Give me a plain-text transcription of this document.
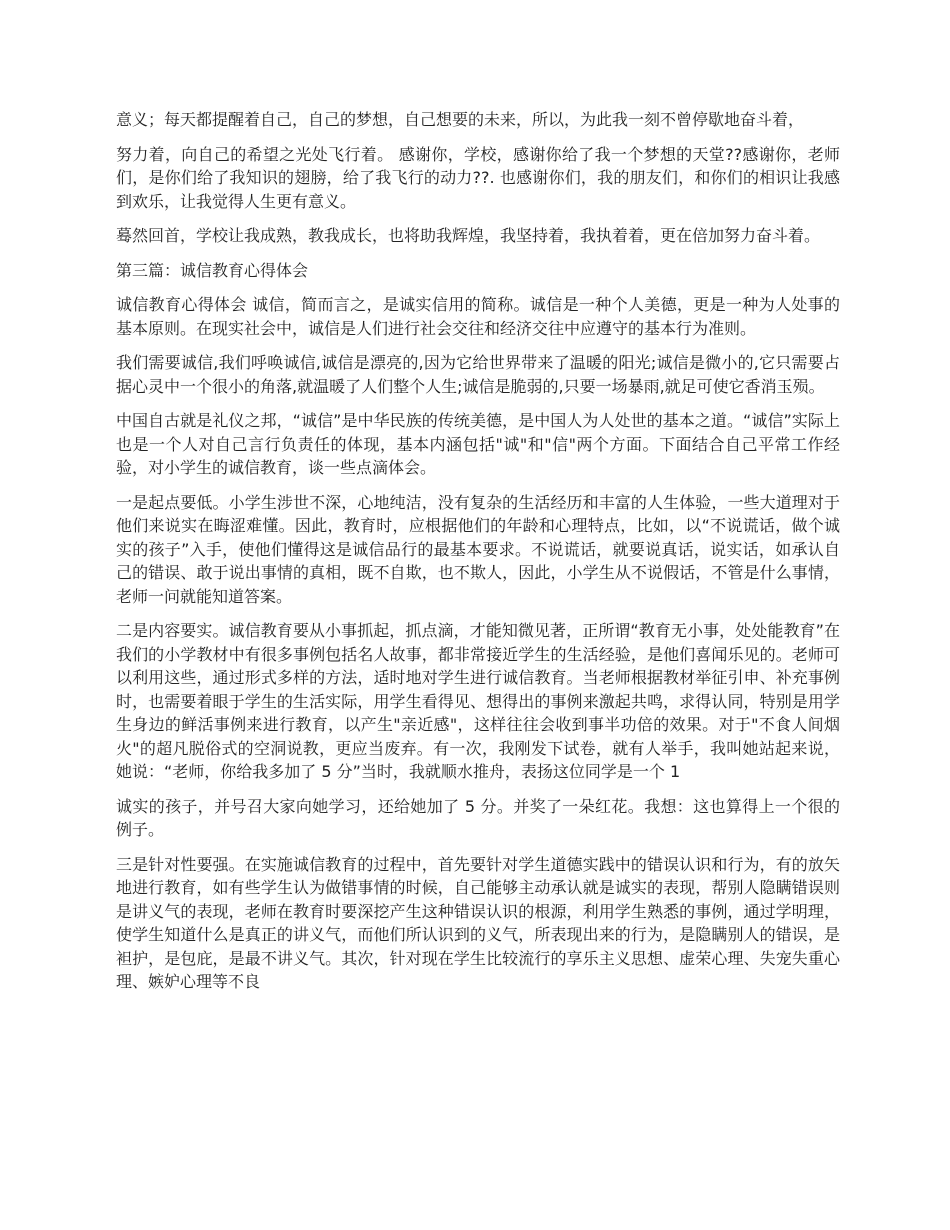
意义；每天都提醒着自己，自己的梦想，自己想要的未来，所以，为此我一刻不曾停歇地奋斗着，

努力着，向自己的希望之光处飞行着。 感谢你，学校，感谢你给了我一个梦想的天堂??感谢你，老师们，是你们给了我知识的翅膀，给了我飞行的动力??. 也感谢你们，我的朋友们，和你们的相识让我感到欢乐，让我觉得人生更有意义。

蓦然回首，学校让我成熟，教我成长，也将助我辉煌，我坚持着，我执着着，更在倍加努力奋斗着。

第三篇：诚信教育心得体会

诚信教育心得体会 诚信，简而言之，是诚实信用的简称。诚信是一种个人美德，更是一种为人处事的基本原则。在现实社会中，诚信是人们进行社会交往和经济交往中应遵守的基本行为准则。

我们需要诚信,我们呼唤诚信,诚信是漂亮的,因为它给世界带来了温暖的阳光;诚信是微小的,它只需要占据心灵中一个很小的角落,就温暖了人们整个人生;诚信是脆弱的,只要一场暴雨,就足可使它香消玉殒。

中国自古就是礼仪之邦，“诚信”是中华民族的传统美德，是中国人为人处世的基本之道。“诚信”实际上也是一个人对自己言行负责任的体现，基本内涵包括"诚"和"信"两个方面。下面结合自己平常工作经验，对小学生的诚信教育，谈一些点滴体会。

一是起点要低。小学生涉世不深，心地纯洁，没有复杂的生活经历和丰富的人生体验，一些大道理对于他们来说实在晦涩难懂。因此，教育时，应根据他们的年龄和心理特点，比如，以“不说谎话，做个诚实的孩子”入手，使他们懂得这是诚信品行的最基本要求。不说谎话，就要说真话，说实话，如承认自己的错误、敢于说出事情的真相，既不自欺，也不欺人，因此，小学生从不说假话，不管是什么事情，老师一问就能知道答案。

二是内容要实。诚信教育要从小事抓起，抓点滴，才能知微见著，正所谓“教育无小事，处处能教育”在我们的小学教材中有很多事例包括名人故事，都非常接近学生的生活经验，是他们喜闻乐见的。老师可以利用这些，通过形式多样的方法，适时地对学生进行诚信教育。当老师根据教材举征引申、补充事例时，也需要着眼于学生的生活实际，用学生看得见、想得出的事例来激起共鸣，求得认同，特别是用学生身边的鲜活事例来进行教育，以产生"亲近感"，这样往往会收到事半功倍的效果。对于"不食人间烟火"的超凡脱俗式的空洞说教，更应当废弃。有一次，我刚发下试卷，就有人举手，我叫她站起来说，她说：“老师，你给我多加了 5 分”当时，我就顺水推舟，表扬这位同学是一个 1

诚实的孩子，并号召大家向她学习，还给她加了 5 分。并奖了一朵红花。我想：这也算得上一个很的例子。

三是针对性要强。在实施诚信教育的过程中，首先要针对学生道德实践中的错误认识和行为，有的放矢地进行教育，如有些学生认为做错事情的时候，自己能够主动承认就是诚实的表现，帮别人隐瞒错误则是讲义气的表现，老师在教育时要深挖产生这种错误认识的根源，利用学生熟悉的事例，通过学明理，使学生知道什么是真正的讲义气，而他们所认识到的义气，所表现出来的行为，是隐瞒别人的错误，是袒护，是包庇，是最不讲义气。其次，针对现在学生比较流行的享乐主义思想、虚荣心理、失宠失重心理、嫉妒心理等不良
